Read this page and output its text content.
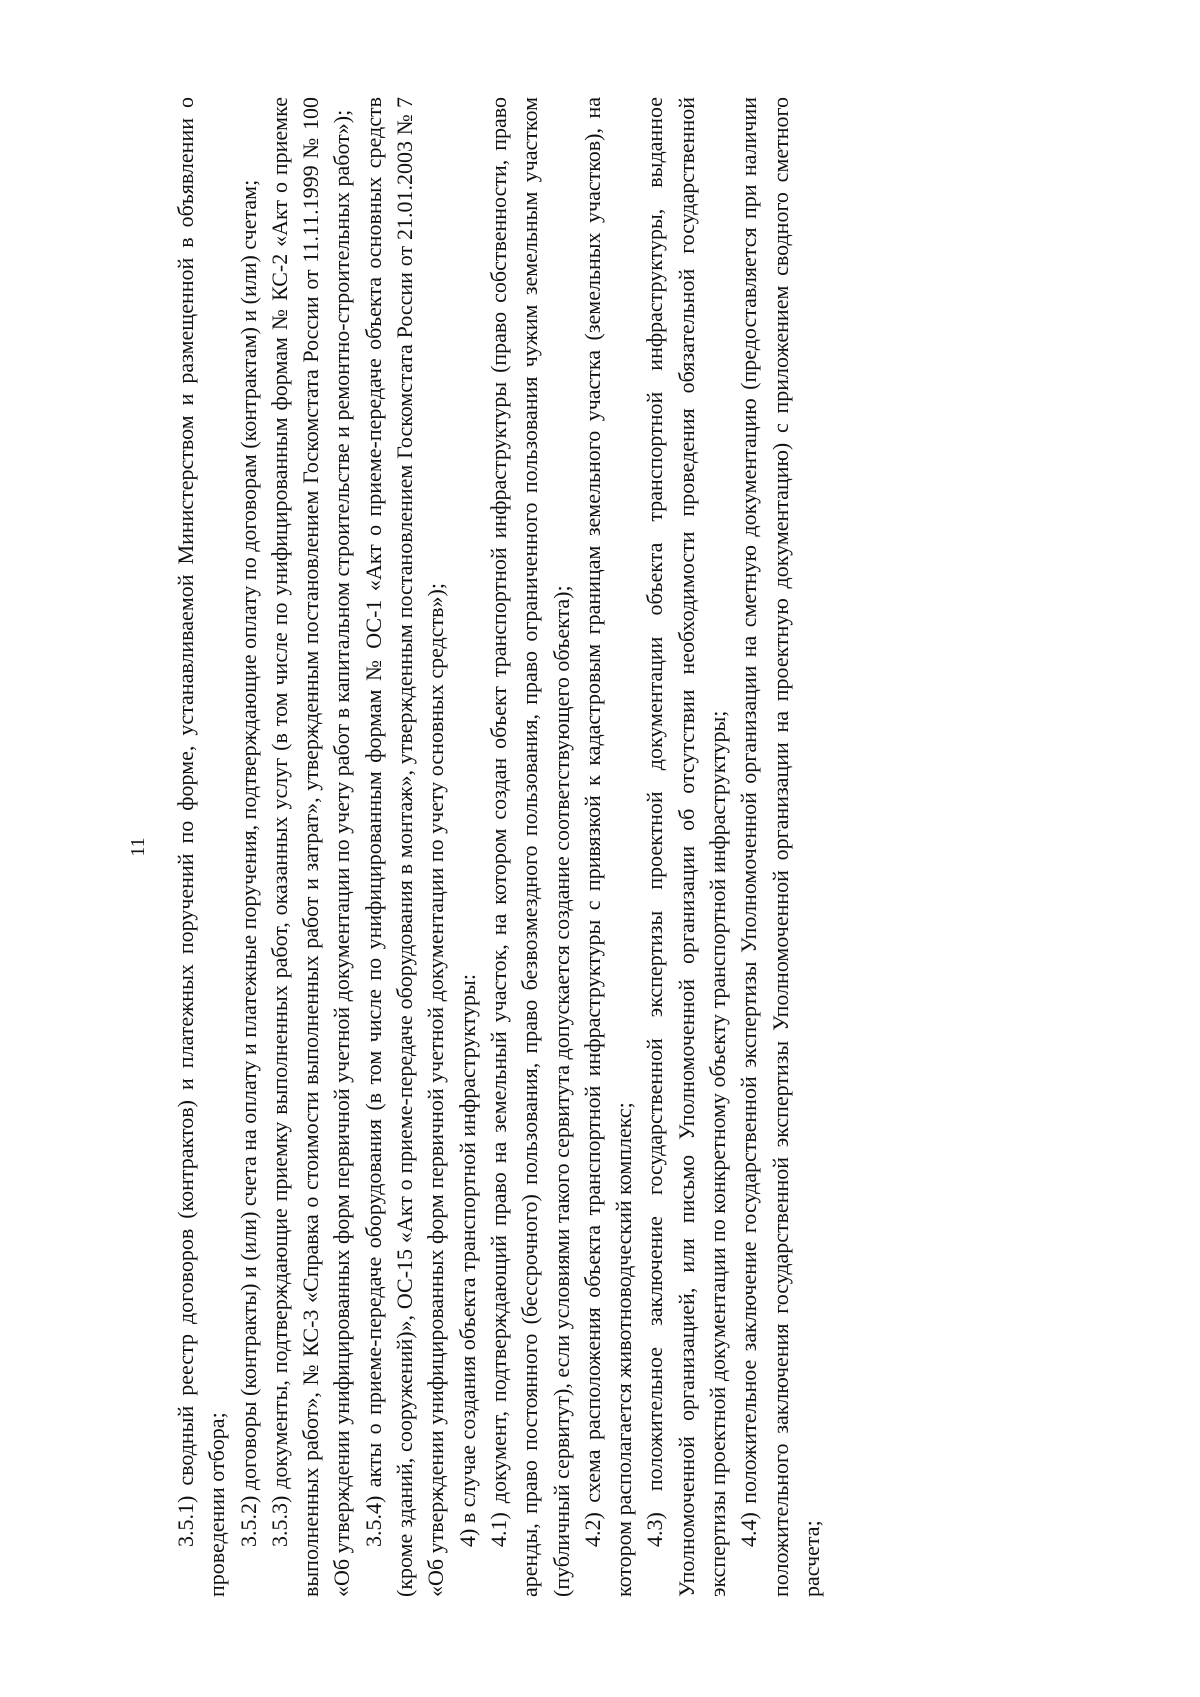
11 3.5.1) сводный реестр договоров (контрактов) и платежных поручений по форме, устанавливаемой Министерством и размещенной в объявлении о проведении отбора; 3.5.2) договоры (контракты) и (или) счета на оплату и платежные поручения, подтверждающие оплату по договорам (контрактам) и (или) счетам; 3.5.3) документы, подтверждающие приемку выполненных работ, оказанных услуг (в том числе по унифицированным формам № КС-2 «Акт о приемке выполненных работ», № КС-3 «Справка о стоимости выполненных работ и затрат», утвержденным постановлением Госкомстата России от 11.11.1999 № 100 «Об утверждении унифицированных форм первичной учетной документации по учету работ в капитальном строительстве и ремонтно-строительных работ»); 3.5.4) акты о приеме-передаче оборудования (в том числе по унифицированным формам № ОС-1 «Акт о приеме-передаче объекта основных средств (кроме зданий, сооружений)», ОС-15 «Акт о приеме-передаче оборудования в монтаж», утвержденным постановлением Госкомстата России от 21.01.2003 № 7 «Об утверждении унифицированных форм первичной учетной документации по учету основных средств»); 4) в случае создания объекта транспортной инфраструктуры: 4.1) документ, подтверждающий право на земельный участок, на котором создан объект транспортной инфраструктуры (право собственности, право аренды, право постоянного (бессрочного) пользования, право безвозмездного пользования, право ограниченного пользования чужим земельным участком (публичный сервитут), если условиями такого сервитута допускается создание соответствующего объекта); 4.2) схема расположения объекта транспортной инфраструктуры с привязкой к кадастровым границам земельного участка (земельных участков), на котором располагается животноводческий комплекс; 4.3) положительное заключение государственной экспертизы проектной документации объекта транспортной инфраструктуры, выданное Уполномоченной организацией, или письмо Уполномоченной организации об отсутствии необходимости проведения обязательной государственной экспертизы проектной документации по конкретному объекту транспортной инфраструктуры; 4.4) положительное заключение государственной экспертизы Уполномоченной организации на сметную документацию (предоставляется при наличии положительного заключения государственной экспертизы Уполномоченной организации на проектную документацию) с приложением сводного сметного расчета;
